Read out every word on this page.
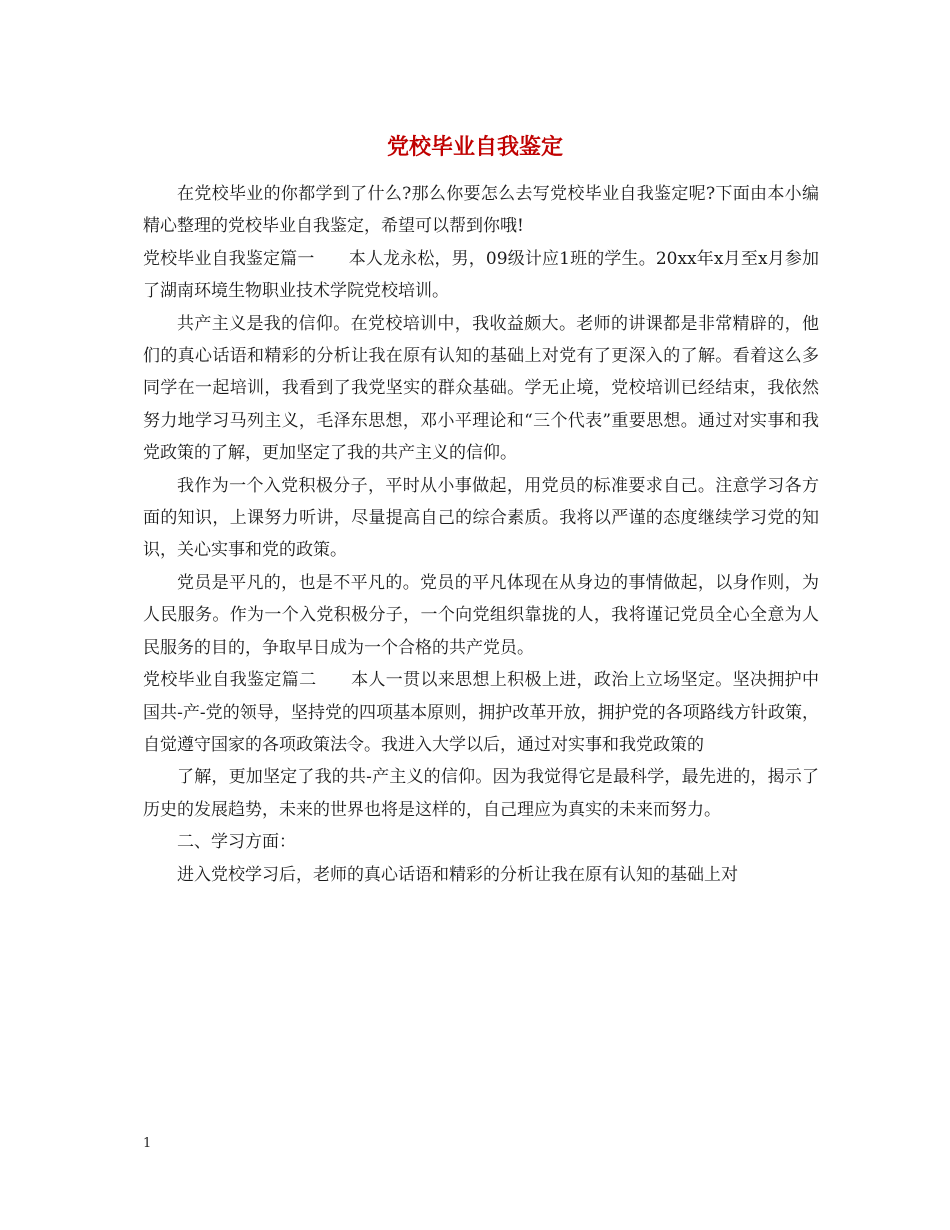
党校毕业自我鉴定

在党校毕业的你都学到了什么?那么你要怎么去写党校毕业自我鉴定呢?下面由本小编精心整理的党校毕业自我鉴定，希望可以帮到你哦!

党校毕业自我鉴定篇一　　本人龙永松，男，09级计应1班的学生。20xx年x月至x月参加了湖南环境生物职业技术学院党校培训。

共产主义是我的信仰。在党校培训中，我收益颇大。老师的讲课都是非常精辟的，他们的真心话语和精彩的分析让我在原有认知的基础上对党有了更深入的了解。看着这么多同学在一起培训，我看到了我党坚实的群众基础。学无止境，党校培训已经结束，我依然努力地学习马列主义，毛泽东思想，邓小平理论和“三个代表”重要思想。通过对实事和我党政策的了解，更加坚定了我的共产主义的信仰。

我作为一个入党积极分子，平时从小事做起，用党员的标准要求自己。注意学习各方面的知识，上课努力听讲，尽量提高自己的综合素质。我将以严谨的态度继续学习党的知识，关心实事和党的政策。

党员是平凡的，也是不平凡的。党员的平凡体现在从身边的事情做起，以身作则，为人民服务。作为一个入党积极分子，一个向党组织靠拢的人，我将谨记党员全心全意为人民服务的目的，争取早日成为一个合格的共产党员。

党校毕业自我鉴定篇二　　本人一贯以来思想上积极上进，政治上立场坚定。坚决拥护中国共-产-党的领导，坚持党的四项基本原则，拥护改革开放，拥护党的各项路线方针政策，自觉遵守国家的各项政策法令。我进入大学以后，通过对实事和我党政策的

了解，更加坚定了我的共-产主义的信仰。因为我觉得它是最科学，最先进的，揭示了历史的发展趋势，未来的世界也将是这样的，自己理应为真实的未来而努力。

二、学习方面：

进入党校学习后，老师的真心话语和精彩的分析让我在原有认知的基础上对

1
